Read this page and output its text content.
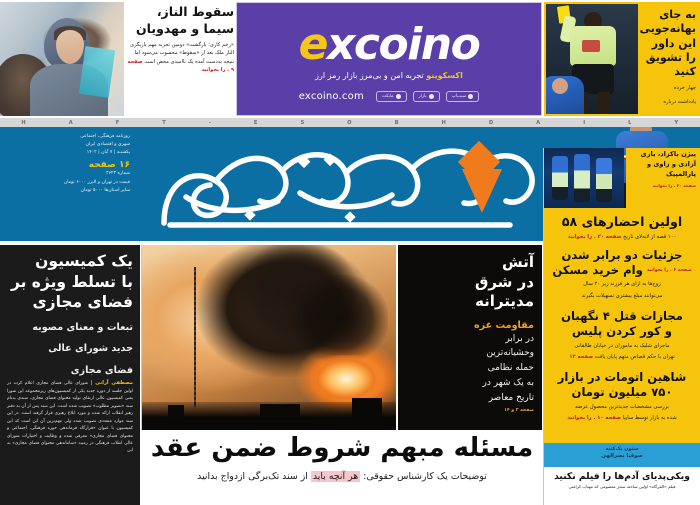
سقوط الناز،
سیما و مهدویان
«زخم کاری؛ بازگشت» دومین تجربه مهم بازیگری الناز ملک بعد از «سقوط» محسوب می‌شود اما نتیجه به‌دست آمده یک ناامیدی محض است صفحه ۹ . را بخوانید	excoino
اکسکوینو تجربه امن و بی‌مرز بازار رمز ارز
excoino.com	مایکت	بازار	سیب‌اپ
به جای
بهانه‌جویی
این داور
را تشویق
کنید
چهار خرده
یادداشت درباره
H	A	F	T	-	E	S	O	B	H	D	A	I	L	Y
روزنامه فرهنگی، اجتماعی
شهری و اقتصادی ایران
یکشنبه | ۷ آبان | ۱۴۰۲
۱۶ صفحه
شماره ۲۶۲۳
قیمت در تهران و البرز ۶۰۰۰ تومان
سایر استان‌ها ۵۰۰۰ تومان
یک کمیسیون
با تسلط ویژه بر
فضای مجازی
تبعات و معنای مصوبه
جدید شورای عالی
فضای مجازی
مصطفی آرانی | شورای عالی فضای مجازی اعلام کرده در اولین جلسه از دوره جدید یکی از کمیسیون‌های زیرمجموعه این شورا یعنی کمیسیون عالی ارتقای تولید محتوای فضای مجازی، سندی به‌نام سند «تصویر مطلوب» تصویب شده است. این سند پس از آن به دفتر رهبر انقلاب ارائه شده و مورد ابلاغ رهبری قرار گرفته است. در این سند موارد متعددی تصویب شده ولی مهم‌ترین آن این است که این کمیسیون با عنوان «قرارگاه فرماندهی حوزه فرهنگی، اجتماعی و محتوای فضای مجازی» معرفی شده و وظایف و اختیارات شورای عالی انقلاب فرهنگی در زمینه «ساماندهی محتوای فضای مجازی» به این
آتش
در شرق
مدیترانه
مقاومت غزه
در برابر
وحشیانه‌ترین
حمله نظامی
به یک شهر در
تاریخ معاصر
صفحه ۲ و ۱۴
مسئله مبهم شروط ضمن عقد
توضیحات یک کارشناس حقوقی: هر آنچه باید از سند تک‌برگی ازدواج بدانید
پیژن باکزاد، بازی
آزادی و زاوی و
پارالمپیک
صفحه ۲۰ . را بخوانید
اولین احضارهای ۵۸
۱۰۰ قصه از لابه‌لای تاریخ صفحه ۲۰ . را بخوانید
جزئیات دو برابر شدن
صفحه ۶ . را بخوانید وام خرید مسکن
زوج‌ها به ازای هر فرزند زیر ۲۰ سال
می‌توانند مبلغ بیشتری تسهیلات بگیرند
مجازات قتل ۴ نگهبان
و کور کردن پلیس
ماجرای شلیک به ماموران در خیابان طالقانی
تهران با حکم قصاص متهم پایان یافت صفحه ۱۲
شاهین اتومات در بازار
۷۵۰ میلیون تومان
بررسی مشخصات جدیدترین محصول عرضه
شده به بازار توسط سایپا صفحه ۱۰ . را بخوانید
ستون یک‌کتبه
صوفیا نصرالهی
ویکی‌پدیای آدم‌ها را فیلم نکنید
فیلم «الفرگاه» اولین ساخته سحر معصومی که مهتاب کرامتی
